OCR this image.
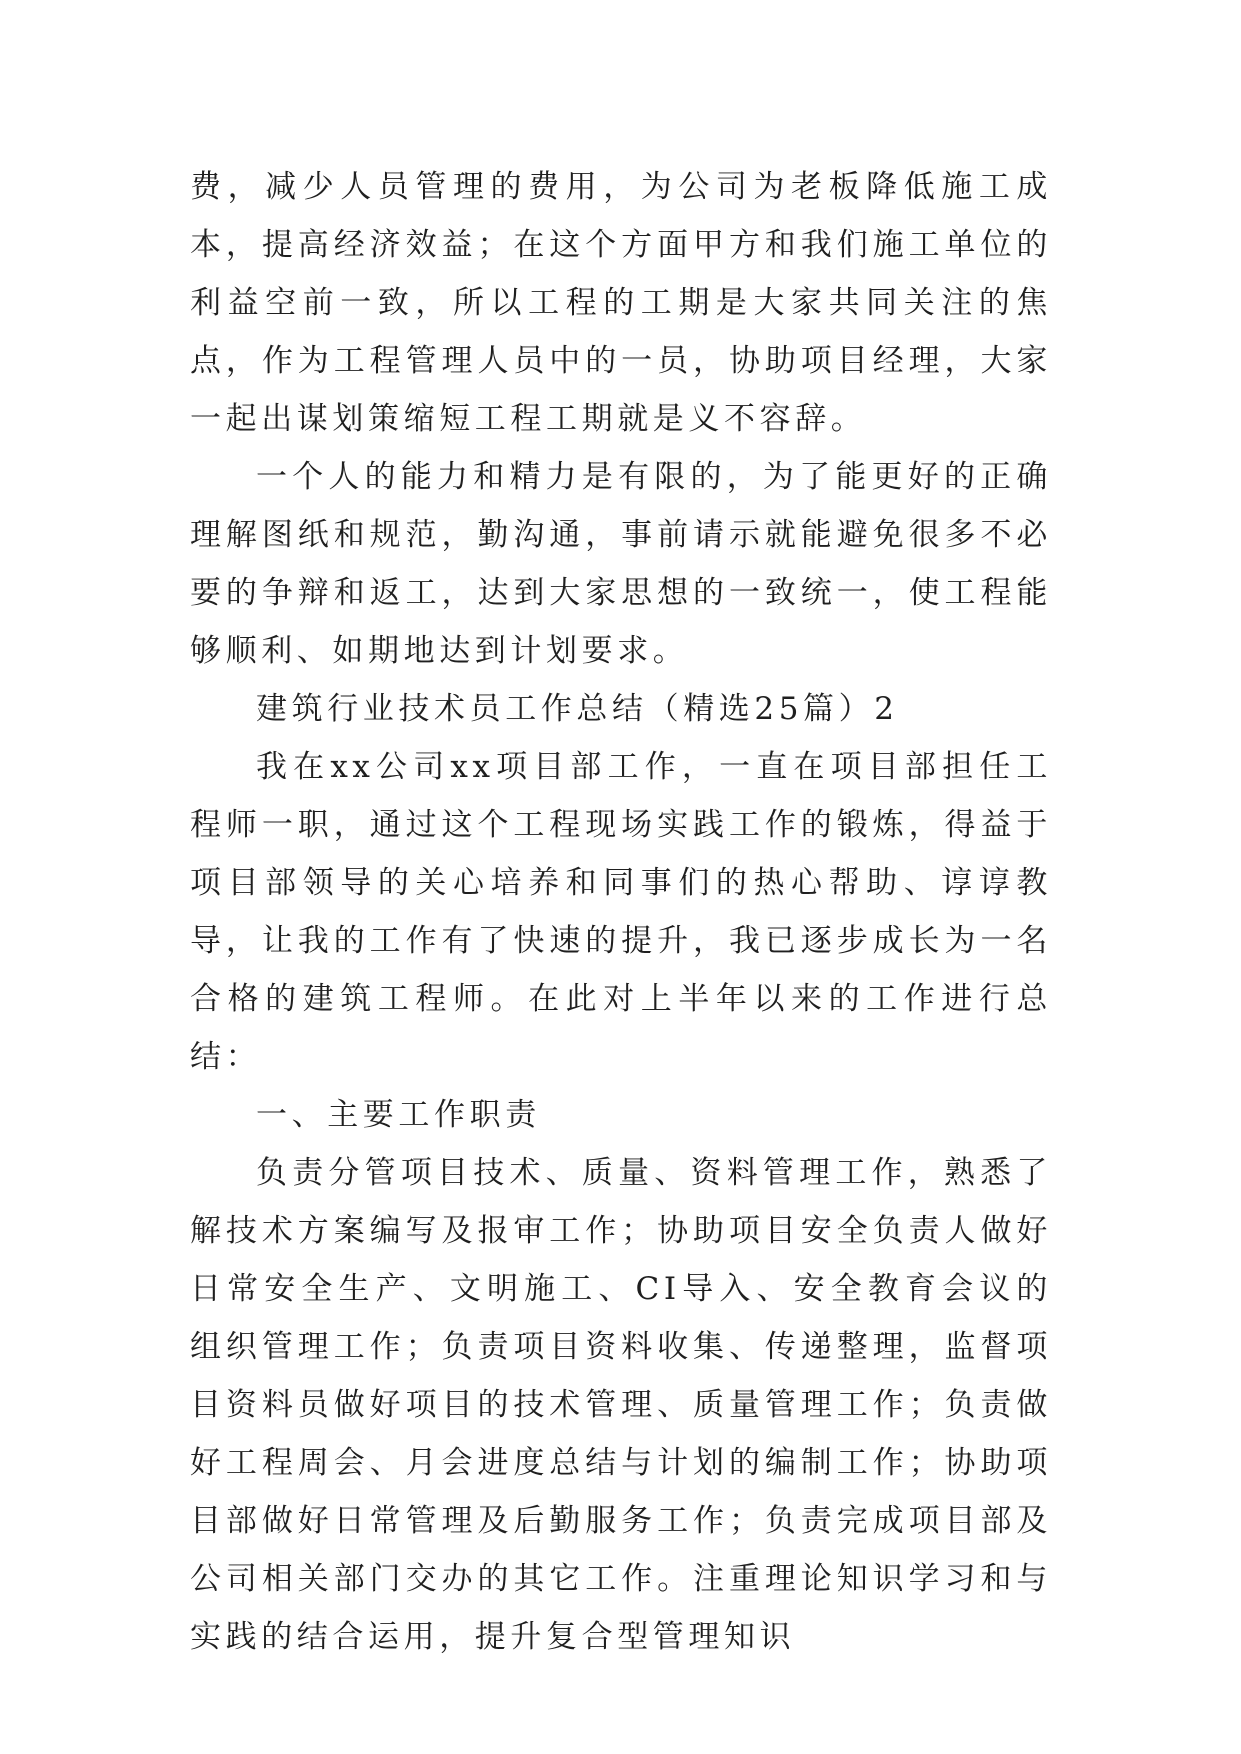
费，减少人员管理的费用，为公司为老板降低施工成本，提高经济效益；在这个方面甲方和我们施工单位的利益空前一致，所以工程的工期是大家共同关注的焦点，作为工程管理人员中的一员，协助项目经理，大家一起出谋划策缩短工程工期就是义不容辞。

一个人的能力和精力是有限的，为了能更好的正确理解图纸和规范，勤沟通，事前请示就能避免很多不必要的争辩和返工，达到大家思想的一致统一，使工程能够顺利、如期地达到计划要求。

建筑行业技术员工作总结（精选25篇）2

我在xx公司xx项目部工作，一直在项目部担任工程师一职，通过这个工程现场实践工作的锻炼，得益于项目部领导的关心培养和同事们的热心帮助、谆谆教导，让我的工作有了快速的提升，我已逐步成长为一名合格的建筑工程师。在此对上半年以来的工作进行总结：

一、主要工作职责

负责分管项目技术、质量、资料管理工作，熟悉了解技术方案编写及报审工作；协助项目安全负责人做好日常安全生产、文明施工、CI导入、安全教育会议的组织管理工作；负责项目资料收集、传递整理，监督项目资料员做好项目的技术管理、质量管理工作；负责做好工程周会、月会进度总结与计划的编制工作；协助项目部做好日常管理及后勤服务工作；负责完成项目部及公司相关部门交办的其它工作。注重理论知识学习和与实践的结合运用，提升复合型管理知识
